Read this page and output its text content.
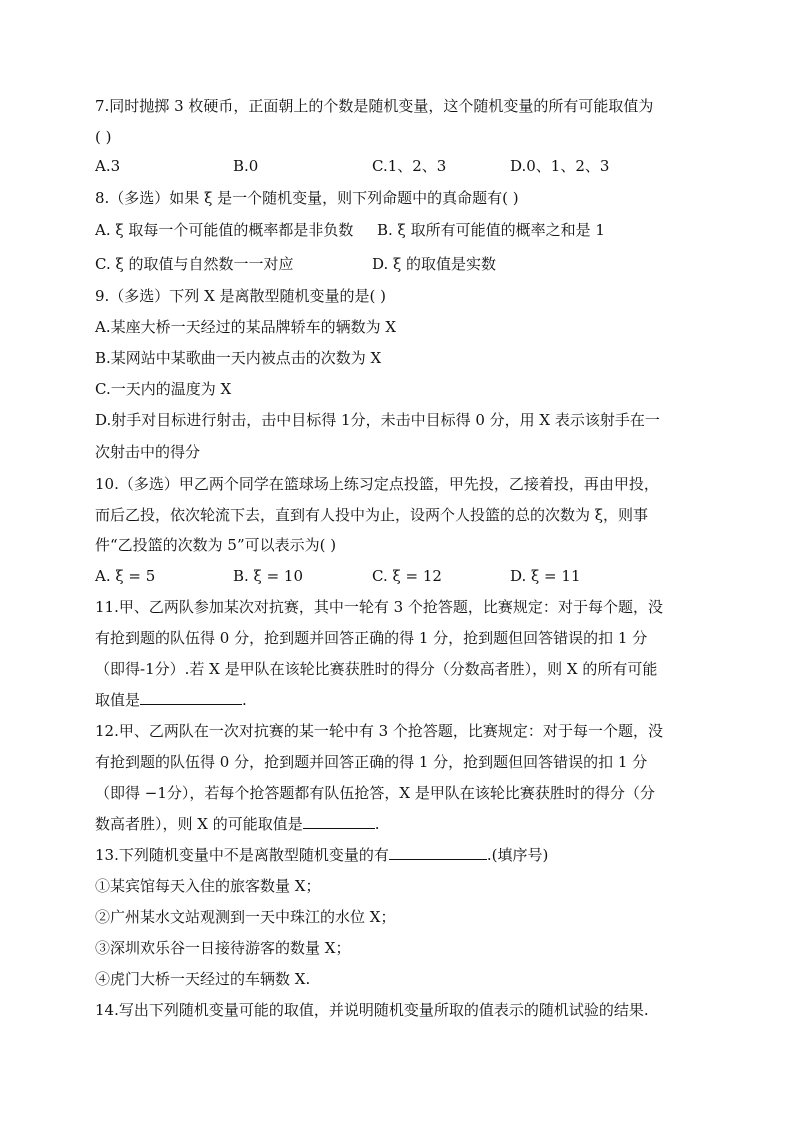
7.同时抛掷 3 枚硬币，正面朝上的个数是随机变量，这个随机变量的所有可能取值为
( )
A.3	B.0	C.1、2、3	D.0、1、2、3
8.（多选）如果 ξ 是一个随机变量，则下列命题中的真命题有( )
A. ξ 取每一个可能值的概率都是非负数 B. ξ 取所有可能值的概率之和是 1
C. ξ 的取值与自然数一一对应	D. ξ 的取值是实数
9.（多选）下列 X 是离散型随机变量的是( )
A.某座大桥一天经过的某品牌轿车的辆数为 X
B.某网站中某歌曲一天内被点击的次数为 X
C.一天内的温度为 X
D.射手对目标进行射击，击中目标得 1分，未击中目标得 0 分，用 X 表示该射手在一
次射击中的得分
10.（多选）甲乙两个同学在篮球场上练习定点投篮，甲先投，乙接着投，再由甲投，
而后乙投，依次轮流下去，直到有人投中为止，设两个人投篮的总的次数为 ξ，则事
件“乙投篮的次数为 5”可以表示为( )
A. ξ = 5	B. ξ = 10	C. ξ = 12	D. ξ = 11
11.甲、乙两队参加某次对抗赛，其中一轮有 3 个抢答题，比赛规定：对于每个题，没
有抢到题的队伍得 0 分，抢到题并回答正确的得 1 分，抢到题但回答错误的扣 1 分
（即得-1分）.若 X 是甲队在该轮比赛获胜时的得分（分数高者胜），则 X 的所有可能
取值是	.
12.甲、乙两队在一次对抗赛的某一轮中有 3 个抢答题，比赛规定：对于每一个题，没
有抢到题的队伍得 0 分，抢到题并回答正确的得 1 分，抢到题但回答错误的扣 1 分
（即得 −1分），若每个抢答题都有队伍抢答，X 是甲队在该轮比赛获胜时的得分（分
数高者胜），则 X 的可能取值是	.
13.下列随机变量中不是离散型随机变量的有	.(填序号)
①某宾馆每天入住的旅客数量 X；
②广州某水文站观测到一天中珠江的水位 X；
③深圳欢乐谷一日接待游客的数量 X；
④虎门大桥一天经过的车辆数 X.
14.写出下列随机变量可能的取值，并说明随机变量所取的值表示的随机试验的结果.
